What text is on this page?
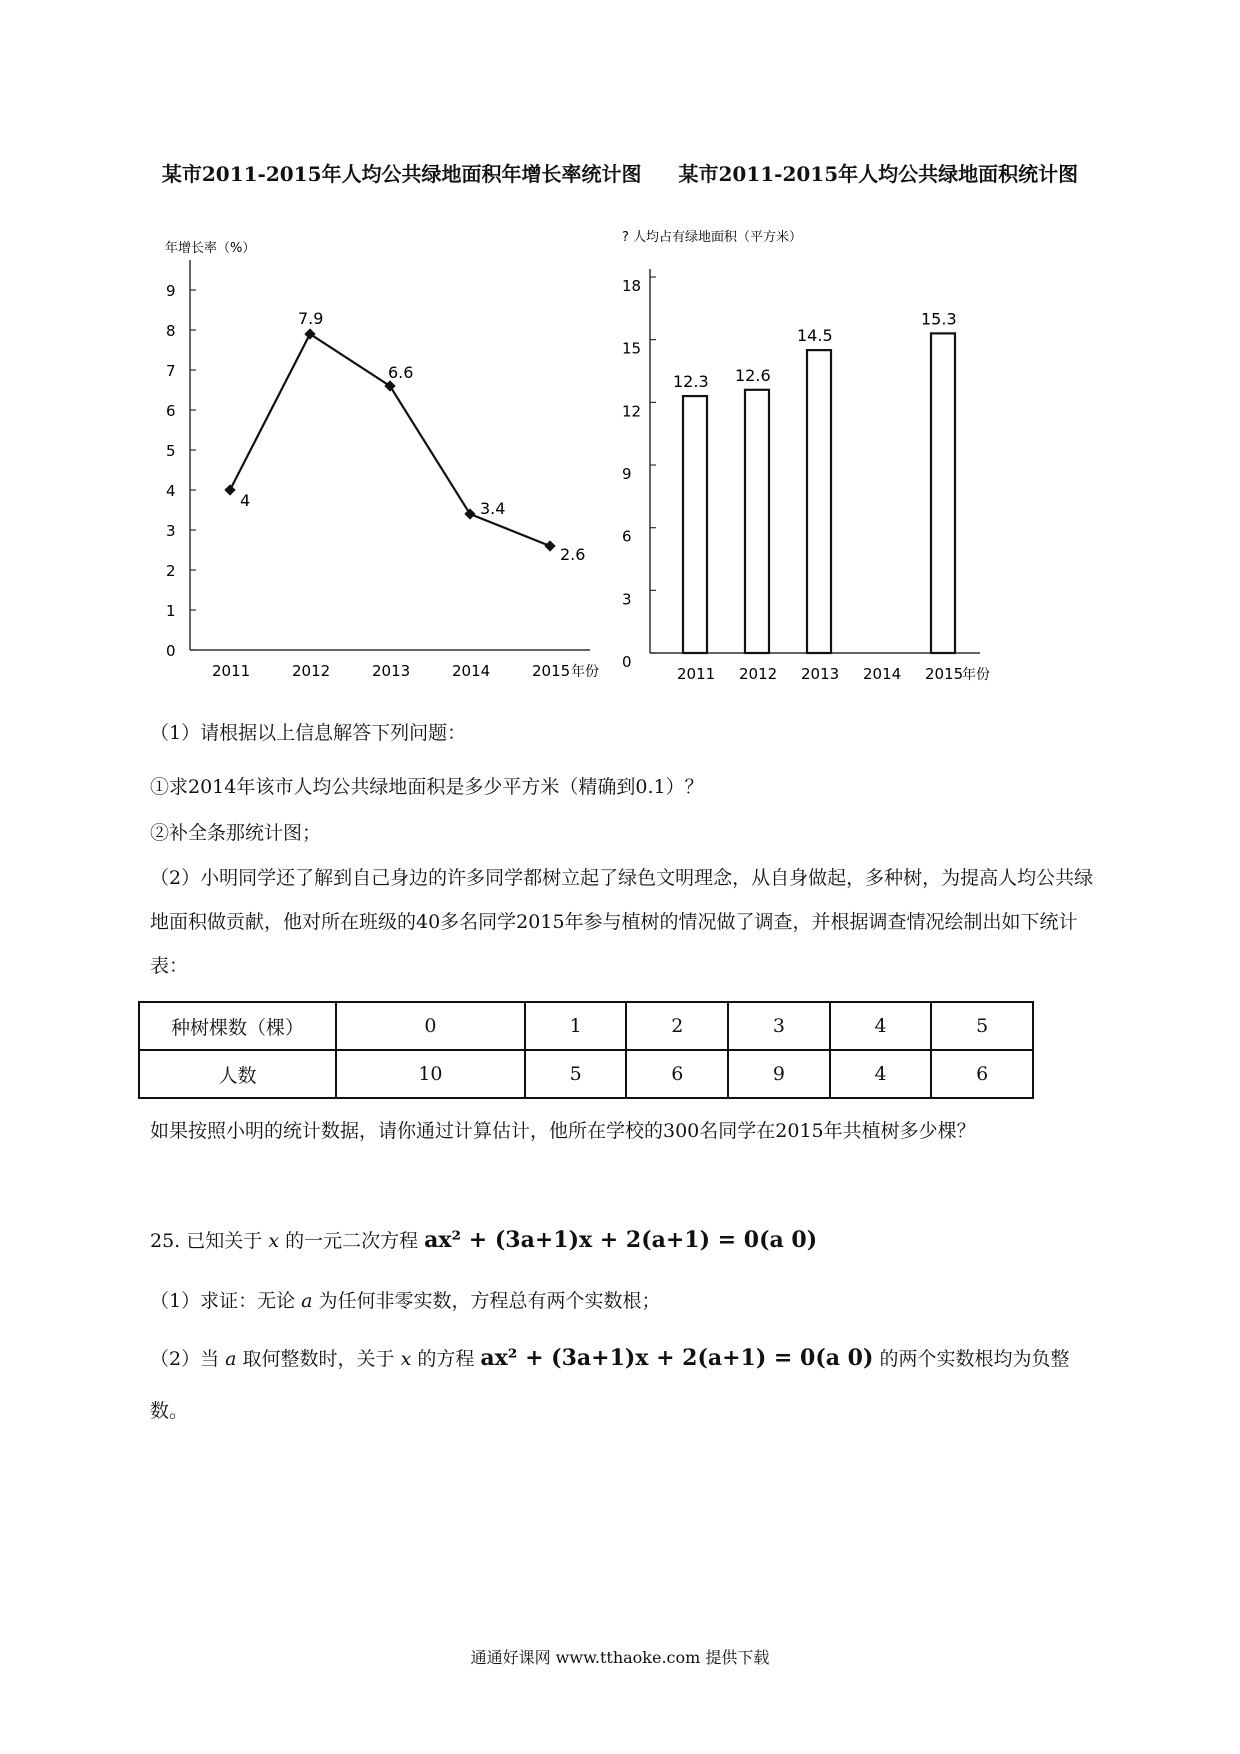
某市2011-2015年人均公共绿地面积年增长率统计图 某市2011-2015年人均公共绿地面积统计图
年增长率（%）
0
1
2
3
4
5
6
7
8
9
2011	2012	2013	2014	2015 年份
4
7.9
6.6
3.4
2.6
? 人均占有绿地面积（平方米）
0
3
6
9
12
15
18
2011 2012 2013 2014 2015
年份
12.3 12.6
14.5
15.3
（1）请根据以上信息解答下列问题：
①求2014年该市人均公共绿地面积是多少平方米（精确到0.1）？
②补全条那统计图；
（2）小明同学还了解到自己身边的许多同学都树立起了绿色文明理念，从自身做起，多种树，为提高人均公共绿地面积做贡献，他对所在班级的40多名同学2015年参与植树的情况做了调查，并根据调查情况绘制出如下统计表：
种树棵数（棵）	0	1	2	3	4	5
人数	10	5	6	9	4	6
如果按照小明的统计数据，请你通过计算估计，他所在学校的300名同学在2015年共植树多少棵？
25. 已知关于 x 的一元二次方程 ax² + (3a+1)x + 2(a+1) = 0(a 0)
（1）求证：无论 a 为任何非零实数，方程总有两个实数根；
（2）当 a 取何整数时，关于 x 的方程 ax² + (3a+1)x + 2(a+1) = 0(a 0) 的两个实数根均为负整
数。
通通好课网 www.tthaoke.com 提供下载
